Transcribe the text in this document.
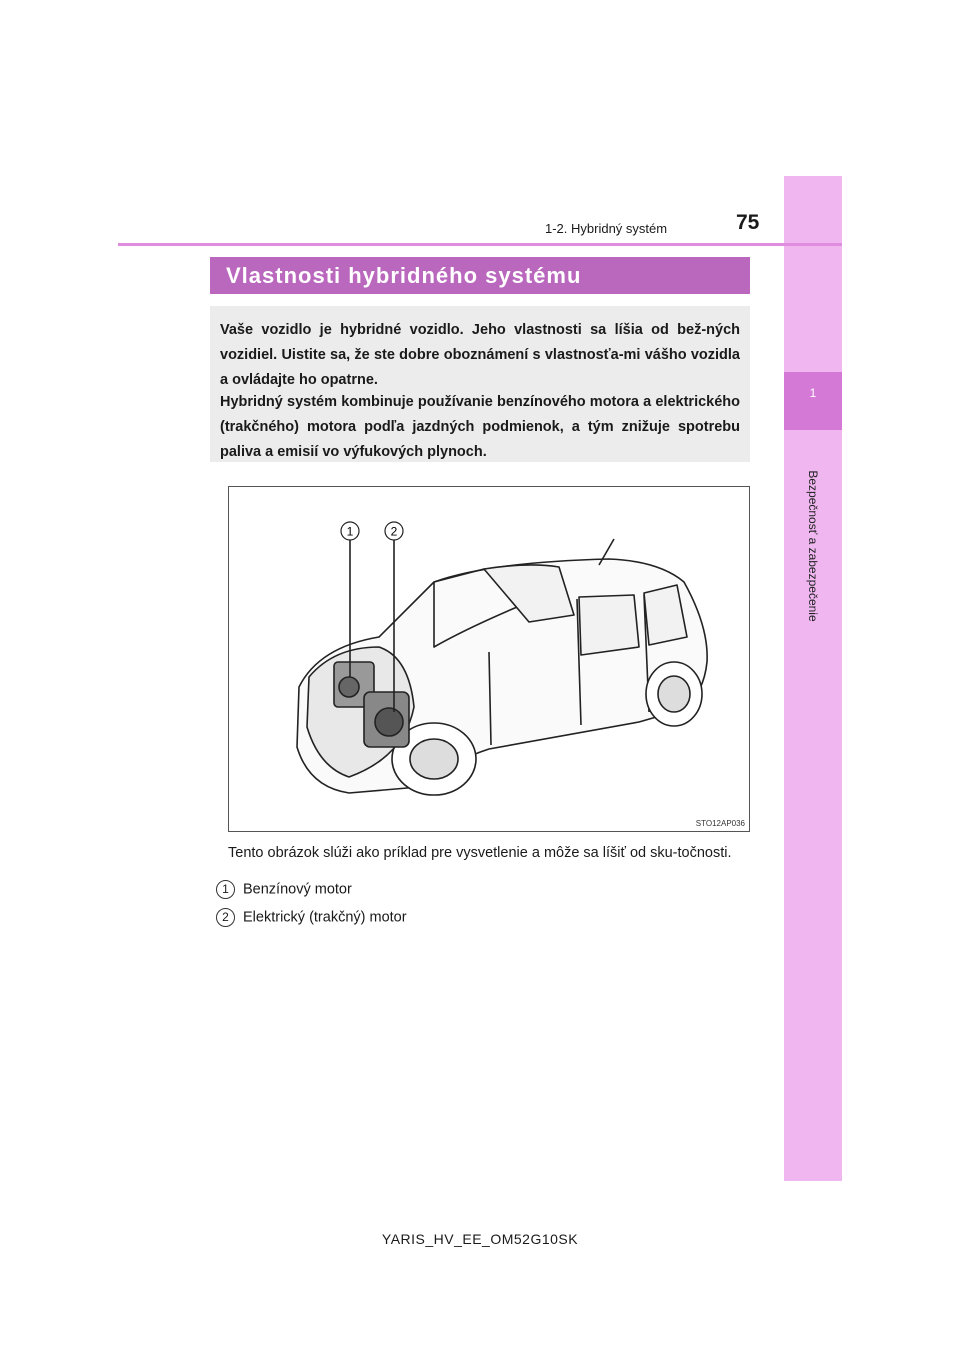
1
Bezpečnosť a zabezpečenie
1-2. Hybridný systém	75
Vlastnosti hybridného systému

Vaše vozidlo je hybridné vozidlo. Jeho vlastnosti sa líšia od bež-ných vozidiel. Uistite sa, že ste dobre oboznámení s vlastnosťa-mi vášho vozidla a ovládajte ho opatrne.

Hybridný systém kombinuje používanie benzínového motora a elektrického (trakčného) motora podľa jazdných podmienok, a tým znižuje spotrebu paliva a emisií vo výfukových plynoch.

1	2
STO12AP036
Tento obrázok slúži ako príklad pre vysvetlenie a môže sa líšiť od sku-točnosti.
1 Benzínový motor
2 Elektrický (trakčný) motor
YARIS_HV_EE_OM52G10SK
